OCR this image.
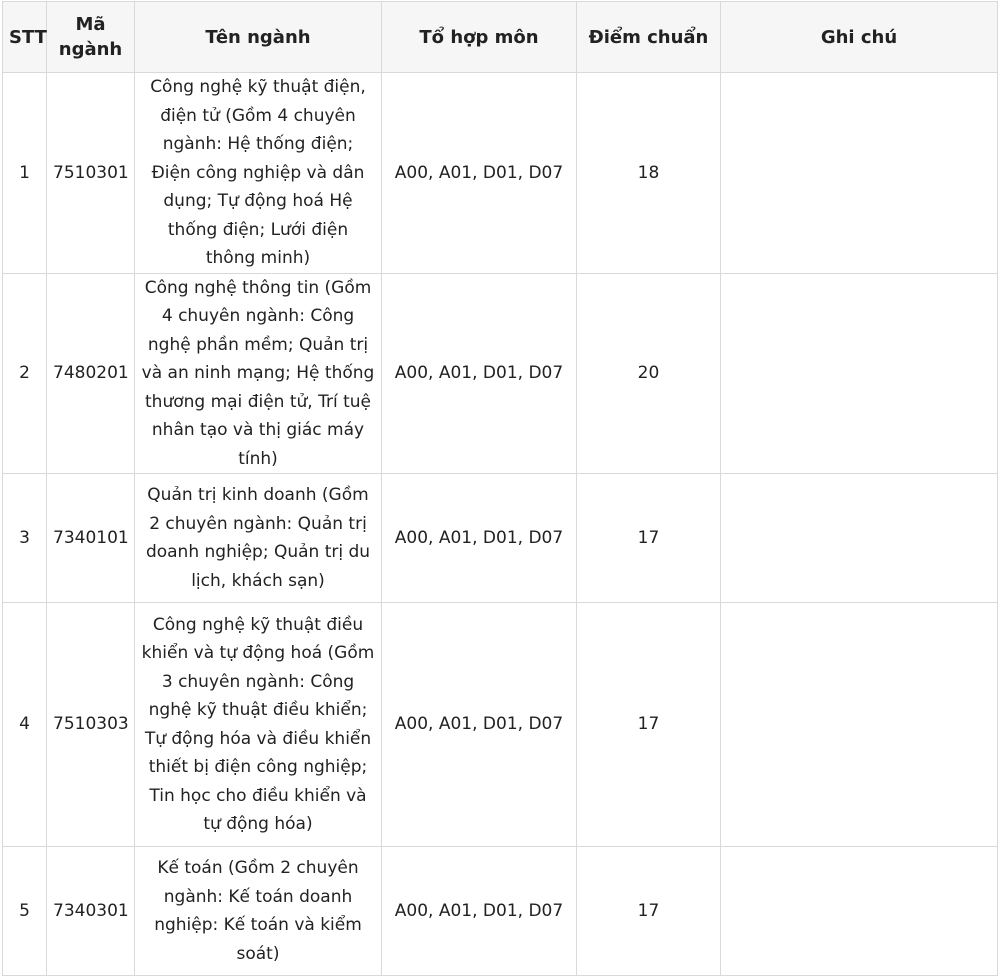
STT	Mã ngành	Tên ngành	Tổ hợp môn	Điểm chuẩn	Ghi chú
1	7510301	Công nghệ kỹ thuật điện, điện tử (Gồm 4 chuyên ngành: Hệ thống điện; Điện công nghiệp và dân dụng; Tự động hoá Hệ thống điện; Lưới điện thông minh)	A00, A01, D01, D07	18	
2	7480201	Công nghệ thông tin (Gồm 4 chuyên ngành: Công nghệ phần mềm; Quản trị và an ninh mạng; Hệ thống thương mại điện tử, Trí tuệ nhân tạo và thị giác máy tính)	A00, A01, D01, D07	20	
3	7340101	Quản trị kinh doanh (Gồm 2 chuyên ngành: Quản trị doanh nghiệp; Quản trị du lịch, khách sạn)	A00, A01, D01, D07	17	
4	7510303	Công nghệ kỹ thuật điều khiển và tự động hoá (Gồm 3 chuyên ngành: Công nghệ kỹ thuật điều khiển; Tự động hóa và điều khiển thiết bị điện công nghiệp; Tin học cho điều khiển và tự động hóa)	A00, A01, D01, D07	17	
5	7340301	Kế toán (Gồm 2 chuyên ngành: Kế toán doanh nghiệp: Kế toán và kiểm soát)	A00, A01, D01, D07	17	
